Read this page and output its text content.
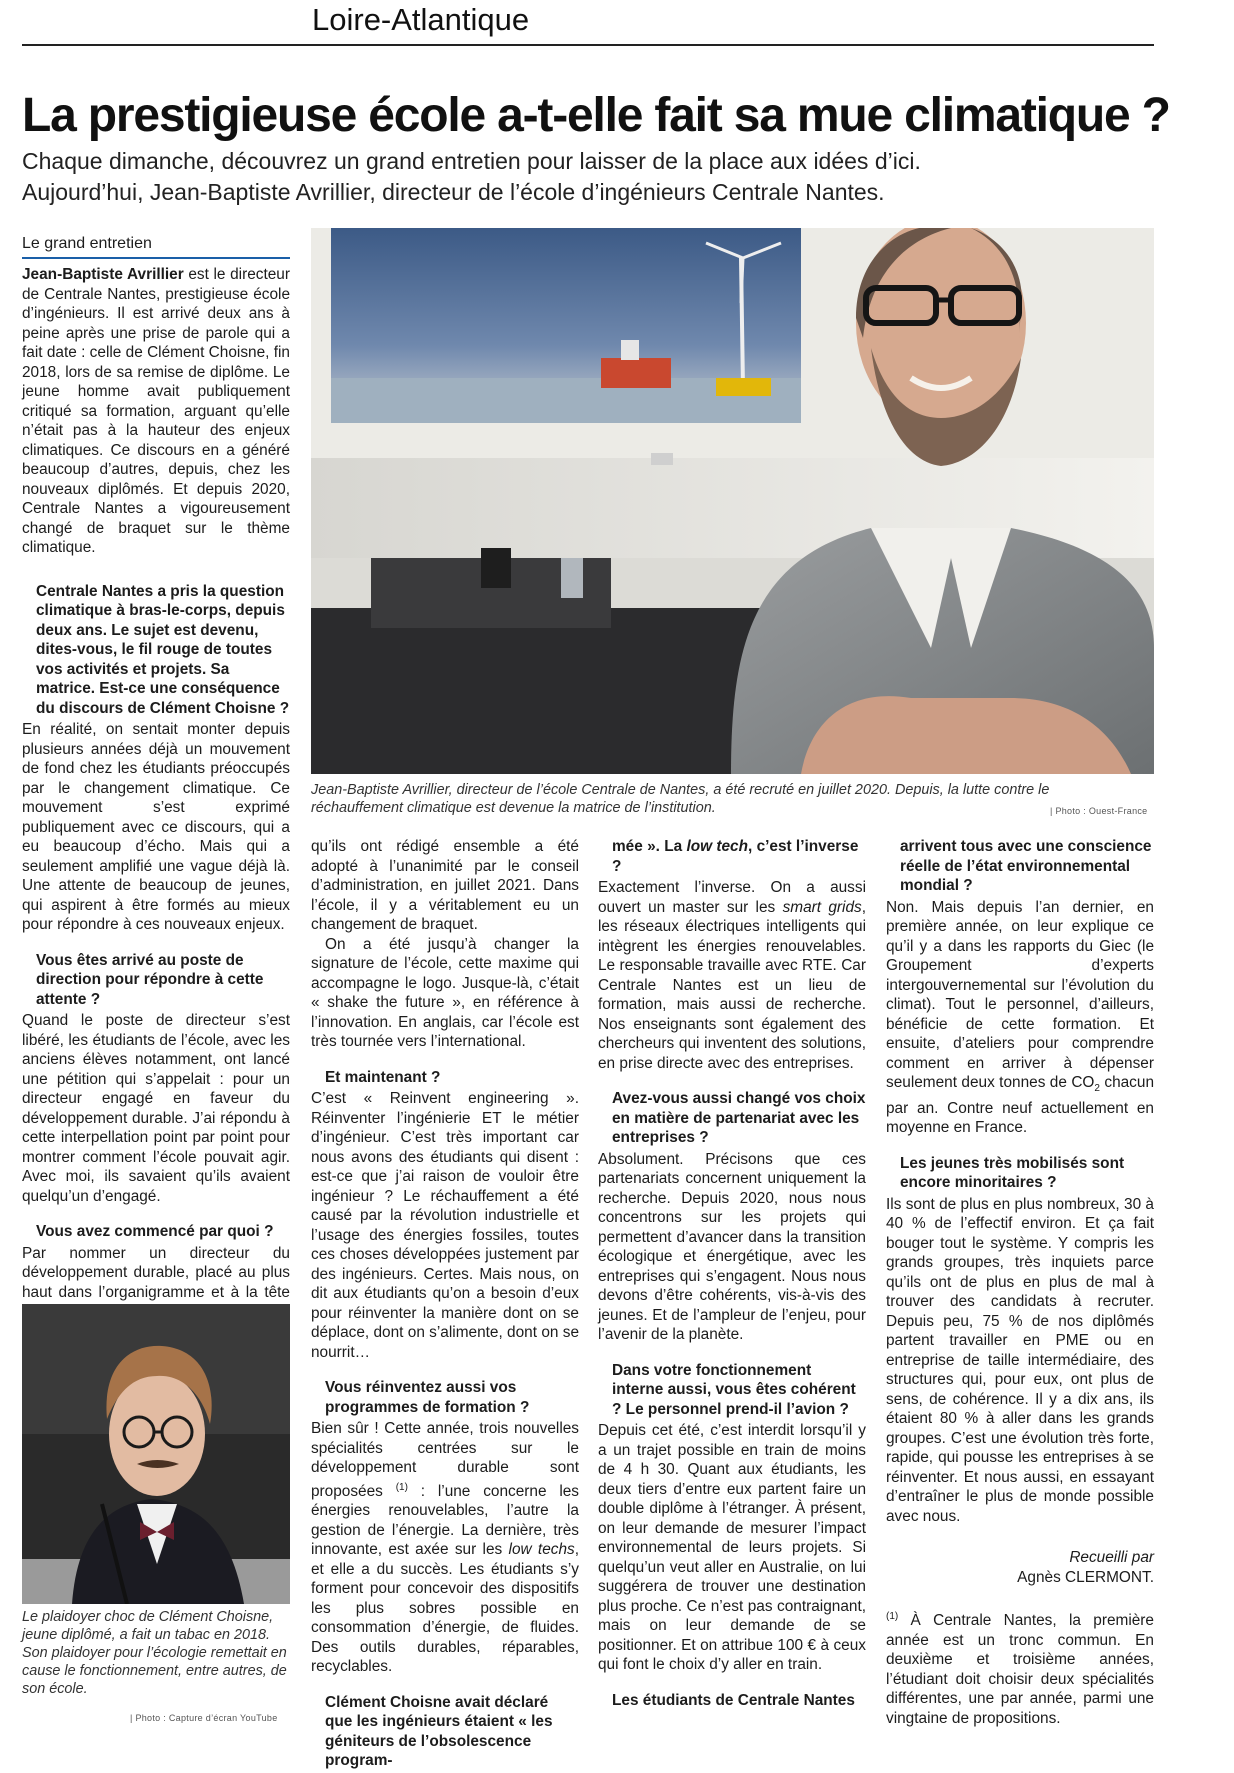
Loire-Atlantique
La prestigieuse école a-t-elle fait sa mue climatique ?
Chaque dimanche, découvrez un grand entretien pour laisser de la place aux idées d’ici.
Aujourd’hui, Jean-Baptiste Avrillier, directeur de l’école d’ingénieurs Centrale Nantes.
Le grand entretien

Jean-Baptiste Avrillier est le directeur de Centrale Nantes, prestigieuse école d’ingénieurs. Il est arrivé deux ans à peine après une prise de parole qui a fait date : celle de Clément Choisne, fin 2018, lors de sa remise de diplôme. Le jeune homme avait publiquement critiqué sa formation, arguant qu’elle n’était pas à la hauteur des enjeux climatiques. Ce discours en a généré beaucoup d’autres, depuis, chez les nouveaux diplômés. Et depuis 2020, Centrale Nantes a vigoureusement changé de braquet sur le thème climatique.

Centrale Nantes a pris la question climatique à bras-le-corps, depuis deux ans. Le sujet est devenu, dites-vous, le fil rouge de toutes vos activités et projets. Sa matrice. Est-ce une conséquence du discours de Clément Choisne ?

En réalité, on sentait monter depuis plusieurs années déjà un mouvement de fond chez les étudiants préoccupés par le changement climatique. Ce mouvement s’est exprimé publiquement avec ce discours, qui a eu beaucoup d’écho. Mais qui a seulement amplifié une vague déjà là. Une attente de beaucoup de jeunes, qui aspirent à être formés au mieux pour répondre à ces nouveaux enjeux.

Vous êtes arrivé au poste de direction pour répondre à cette attente ?

Quand le poste de directeur s’est libéré, les étudiants de l’école, avec les anciens élèves notamment, ont lancé une pétition qui s’appelait : pour un directeur engagé en faveur du développement durable. J’ai répondu à cette interpellation point par point pour montrer comment l’école pouvait agir. Avec moi, ils savaient qu’ils avaient quelqu’un d’engagé.

Vous avez commencé par quoi ?

Par nommer un directeur du développement durable, placé au plus haut dans l’organigramme et à la tête

Jean-Baptiste Avrillier, directeur de l’école Centrale de Nantes, a été recruté en juillet 2020. Depuis, la lutte contre le réchauffement climatique est devenue la matrice de l’institution.	| Photo : Ouest-France
Le plaidoyer choc de Clément Choisne, jeune diplômé, a fait un tabac en 2018. Son plaidoyer pour l’écologie remettait en cause le fonctionnement, entre autres, de son école.
| Photo : Capture d’écran YouTube

qu’ils ont rédigé ensemble a été adopté à l’unanimité par le conseil d’administration, en juillet 2021. Dans l’école, il y a véritablement eu un changement de braquet.

On a été jusqu’à changer la signature de l’école, cette maxime qui accompagne le logo. Jusque-là, c’était « shake the future », en référence à l’innovation. En anglais, car l’école est très tournée vers l’international.

Et maintenant ?

C’est « Reinvent engineering ». Réinventer l’ingénierie ET le métier d’ingénieur. C’est très important car nous avons des étudiants qui disent : est-ce que j’ai raison de vouloir être ingénieur ? Le réchauffement a été causé par la révolution industrielle et l’usage des énergies fossiles, toutes ces choses développées justement par des ingénieurs. Certes. Mais nous, on dit aux étudiants qu’on a besoin d’eux pour réinventer la manière dont on se déplace, dont on s’alimente, dont on se nourrit…

Vous réinventez aussi vos programmes de formation ?

Bien sûr ! Cette année, trois nouvelles spécialités centrées sur le développement durable sont proposées $^{(1)}$ : l’une concerne les énergies renouvelables, l’autre la gestion de l’énergie. La dernière, très innovante, est axée sur les low techs, et elle a du succès. Les étudiants s’y forment pour concevoir des dispositifs les plus sobres possible en consommation d’énergie, de fluides. Des outils durables, réparables, recyclables.

Clément Choisne avait déclaré que les ingénieurs étaient « les géniteurs de l’obsolescence program-

mée ». La low tech, c’est l’inverse ?

Exactement l’inverse. On a aussi ouvert un master sur les smart grids, les réseaux électriques intelligents qui intègrent les énergies renouvelables. Le responsable travaille avec RTE. Car Centrale Nantes est un lieu de formation, mais aussi de recherche. Nos enseignants sont également des chercheurs qui inventent des solutions, en prise directe avec des entreprises.

Avez-vous aussi changé vos choix en matière de partenariat avec les entreprises ?

Absolument. Précisons que ces partenariats concernent uniquement la recherche. Depuis 2020, nous nous concentrons sur les projets qui permettent d’avancer dans la transition écologique et énergétique, avec les entreprises qui s’engagent. Nous nous devons d’être cohérents, vis-à-vis des jeunes. Et de l’ampleur de l’enjeu, pour l’avenir de la planète.

Dans votre fonctionnement interne aussi, vous êtes cohérent ? Le personnel prend-il l’avion ?

Depuis cet été, c’est interdit lorsqu’il y a un trajet possible en train de moins de 4 h 30. Quant aux étudiants, les deux tiers d’entre eux partent faire un double diplôme à l’étranger. À présent, on leur demande de mesurer l’impact environnemental de leurs projets. Si quelqu’un veut aller en Australie, on lui suggérera de trouver une destination plus proche. Ce n’est pas contraignant, mais on leur demande de se positionner. Et on attribue 100 € à ceux qui font le choix d’y aller en train.

Les étudiants de Centrale Nantes

arrivent tous avec une conscience réelle de l’état environnemental mondial ?

Non. Mais depuis l’an dernier, en première année, on leur explique ce qu’il y a dans les rapports du Giec (le Groupement d’experts intergouvernemental sur l’évolution du climat). Tout le personnel, d’ailleurs, bénéficie de cette formation. Et ensuite, d’ateliers pour comprendre comment en arriver à dépenser seulement deux tonnes de $CO_2$ chacun par an. Contre neuf actuellement en moyenne en France.

Les jeunes très mobilisés sont encore minoritaires ?

Ils sont de plus en plus nombreux, 30 à 40 % de l’effectif environ. Et ça fait bouger tout le système. Y compris les grands groupes, très inquiets parce qu’ils ont de plus en plus de mal à trouver des candidats à recruter. Depuis peu, 75 % de nos diplômés partent travailler en PME ou en entreprise de taille intermédiaire, des structures qui, pour eux, ont plus de sens, de cohérence. Il y a dix ans, ils étaient 80 % à aller dans les grands groupes. C’est une évolution très forte, rapide, qui pousse les entreprises à se réinventer. Et nous aussi, en essayant d’entraîner le plus de monde possible avec nous.

Recueilli par
Agnès CLERMONT.

$^{(1)}$ À Centrale Nantes, la première année est un tronc commun. En deuxième et troisième années, l’étudiant doit choisir deux spécialités différentes, une par année, parmi une vingtaine de propositions.
